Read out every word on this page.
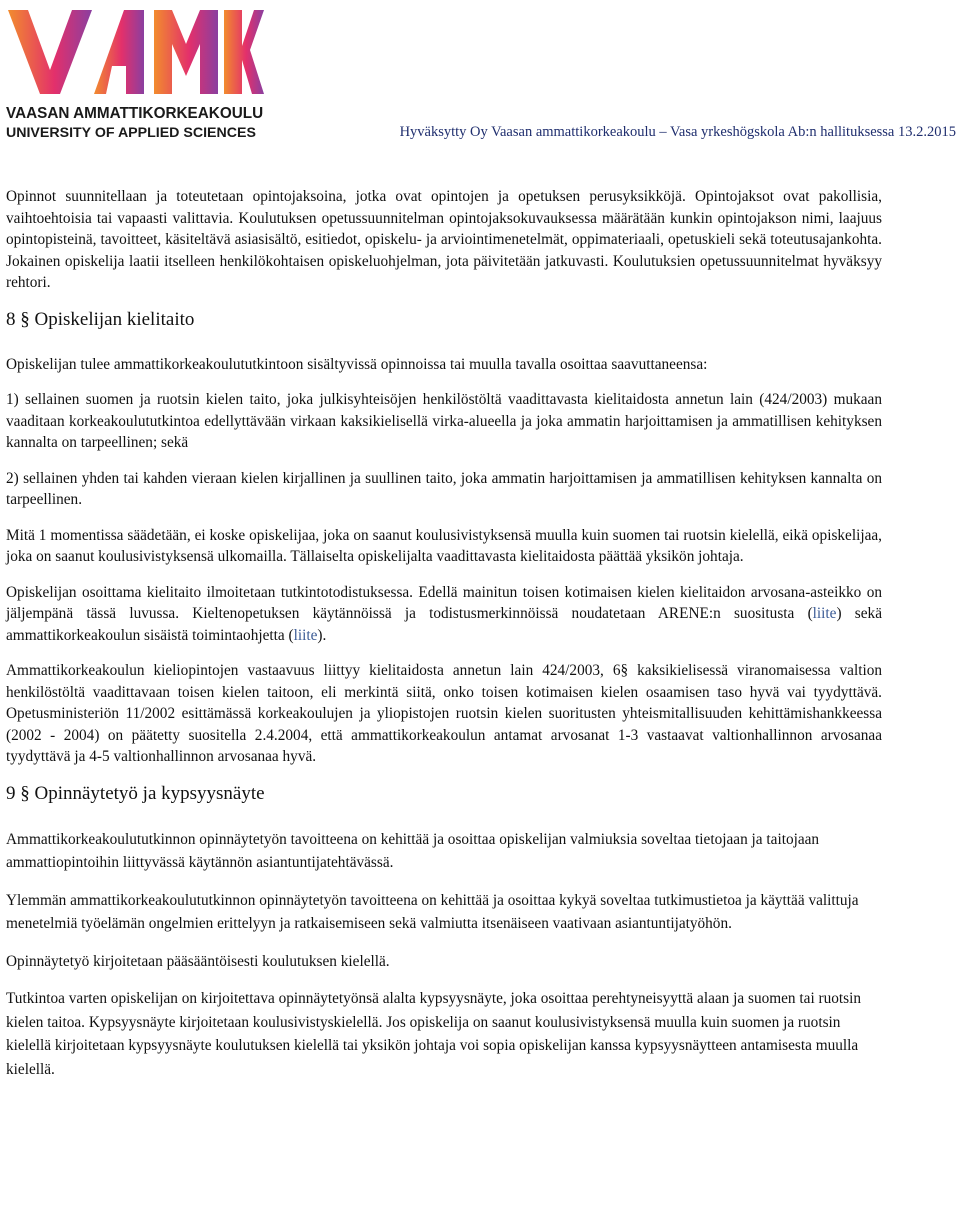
VAASAN AMMATTIKORKEAKOULU
UNIVERSITY OF APPLIED SCIENCES	Hyväksytty Oy Vaasan ammattikorkeakoulu – Vasa yrkeshögskola Ab:n hallituksessa 13.2.2015

Opinnot suunnitellaan ja toteutetaan opintojaksoina, jotka ovat opintojen ja opetuksen perusyksikköjä. Opintojaksot ovat pakollisia, vaihtoehtoisia tai vapaasti valittavia. Koulutuksen opetussuunnitelman opintojaksokuvauksessa määrätään kunkin opintojakson nimi, laajuus opintopisteinä, tavoitteet, käsiteltävä asiasisältö, esitiedot, opiskelu- ja arviointimenetelmät, oppimateriaali, opetuskieli sekä toteutusajankohta. Jokainen opiskelija laatii itselleen henkilökohtaisen opiskeluohjelman, jota päivitetään jatkuvasti. Koulutuksien opetussuunnitelmat hyväksyy rehtori.

8 § Opiskelijan kielitaito

Opiskelijan tulee ammattikorkeakoulututkintoon sisältyvissä opinnoissa tai muulla tavalla osoittaa saavuttaneensa:

1) sellainen suomen ja ruotsin kielen taito, joka julkisyhteisöjen henkilöstöltä vaadittavasta kielitaidosta annetun lain (424/2003) mukaan vaaditaan korkeakoulututkintoa edellyttävään virkaan kaksikielisellä virka-alueella ja joka ammatin harjoittamisen ja ammatillisen kehityksen kannalta on tarpeellinen; sekä

2) sellainen yhden tai kahden vieraan kielen kirjallinen ja suullinen taito, joka ammatin harjoittamisen ja ammatillisen kehityksen kannalta on tarpeellinen.

Mitä 1 momentissa säädetään, ei koske opiskelijaa, joka on saanut koulusivistyksensä muulla kuin suomen tai ruotsin kielellä, eikä opiskelijaa, joka on saanut koulusivistyksensä ulkomailla. Tällaiselta opiskelijalta vaadittavasta kielitaidosta päättää yksikön johtaja.

Opiskelijan osoittama kielitaito ilmoitetaan tutkintotodistuksessa. Edellä mainitun toisen kotimaisen kielen kielitaidon arvosana-asteikko on jäljempänä tässä luvussa. Kieltenopetuksen käytännöissä ja todistusmerkinnöissä noudatetaan ARENE:n suositusta (liite) sekä ammattikorkeakoulun sisäistä toimintaohjetta (liite).

Ammattikorkeakoulun kieliopintojen vastaavuus liittyy kielitaidosta annetun lain 424/2003, 6§ kaksikielisessä viranomaisessa valtion henkilöstöltä vaadittavaan toisen kielen taitoon, eli merkintä siitä, onko toisen kotimaisen kielen osaamisen taso hyvä vai tyydyttävä. Opetusministeriön 11/2002 esittämässä korkeakoulujen ja yliopistojen ruotsin kielen suoritusten yhteismitallisuuden kehittämishankkeessa (2002 - 2004) on päätetty suositella 2.4.2004, että ammattikorkeakoulun antamat arvosanat 1-3 vastaavat valtionhallinnon arvosanaa tyydyttävä ja 4-5 valtionhallinnon arvosanaa hyvä.

9 § Opinnäytetyö ja kypsyysnäyte

Ammattikorkeakoulututkinnon opinnäytetyön tavoitteena on kehittää ja osoittaa opiskelijan valmiuksia soveltaa tietojaan ja taitojaan ammattiopintoihin liittyvässä käytännön asiantuntijatehtävässä.

Ylemmän ammattikorkeakoulututkinnon opinnäytetyön tavoitteena on kehittää ja osoittaa kykyä soveltaa tutkimustietoa ja käyttää valittuja menetelmiä työelämän ongelmien erittelyyn ja ratkaisemiseen sekä valmiutta itsenäiseen vaativaan asiantuntijatyöhön.

Opinnäytetyö kirjoitetaan pääsääntöisesti koulutuksen kielellä.

Tutkintoa varten opiskelijan on kirjoitettava opinnäytetyönsä alalta kypsyysnäyte, joka osoittaa perehtyneisyyttä alaan ja suomen tai ruotsin kielen taitoa. Kypsyysnäyte kirjoitetaan koulusivistyskielellä. Jos opiskelija on saanut koulusivistyksensä muulla kuin suomen ja ruotsin kielellä kirjoitetaan kypsyysnäyte koulutuksen kielellä tai yksikön johtaja voi sopia opiskelijan kanssa kypsyysnäytteen antamisesta muulla kielellä.
